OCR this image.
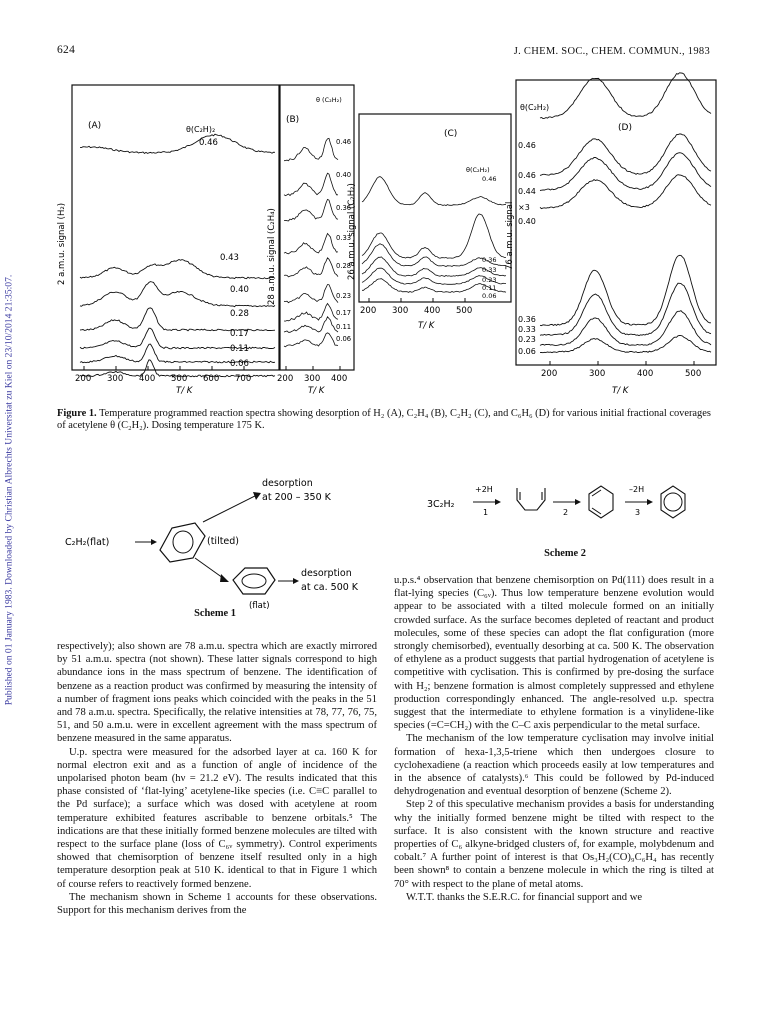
624	J. CHEM. SOC., CHEM. COMMUN., 1983
Published on 01 January 1983. Downloaded by Christian Albrechts Universitat zu Kiel on 23/10/2014 21:35:07.
(A)	θ(C₂H)₂
2 a.m.u. signal (H₂)
0.46
0.43
0.40
0.28
0.17
0.11
0.06
200 300 400 500 600 700
T/ K
(B)
θ (C₂H₂)
28 a.m.u. signal (C₂H₄)
0.46
0.40
0.36
0.33
0.28
0.23
0.17
0.11
0.06
200 300 400
T/ K
(C)
θ(C₂H₂)
26 a.m.u. signal (C₂H₂)
0.46
0.36
0.33
0.23
0.11
0.06
200 300 400 500
T/ K
(D)
θ(C₂H₂)
76 a.m.u. signal
0.46
0.46
0.44
×3
0.40
0.36
0.33
0.23
0.06
200	300	400	500
T/ K
Figure 1. Temperature programmed reaction spectra showing desorption of H₂ (A), C₂H₄ (B), C₂H₂ (C), and C₆H₆ (D) for various initial fractional coverages of acetylene θ (C₂H₂). Dosing temperature 175 K.
C₂H₂(flat)	(tilted)
desorption
at 200 – 350 K
(flat)
desorption
at ca. 500 K
Scheme 1
3C₂H₂
+2H
1	2
–2H
3
Scheme 2

respectively); also shown are 78 a.m.u. spectra which are exactly mirrored by 51 a.m.u. spectra (not shown). These latter signals correspond to high abundance ions in the mass spectrum of benzene. The identification of benzene as a reaction product was confirmed by measuring the intensity of a number of fragment ions peaks which coincided with the peaks in the 51 and 78 a.m.u. spectra. Specifically, the relative intensities at 78, 77, 76, 75, 51, and 50 a.m.u. were in excellent agreement with the mass spectrum of benzene measured in the same apparatus.

U.p. spectra were measured for the adsorbed layer at ca. 160 K for normal electron exit and as a function of angle of incidence of the unpolarised photon beam (hν = 21.2 eV). The results indicated that this phase consisted of ‘flat-lying’ acetylene-like species (i.e. C≡C parallel to the Pd surface); a surface which was dosed with acetylene at room temperature exhibited features ascribable to benzene orbitals.⁵ The indications are that these initially formed benzene molecules are tilted with respect to the surface plane (loss of C₆ᵥ symmetry). Control experiments showed that chemisorption of benzene itself resulted only in a high temperature desorption peak at 510 K. identical to that in Figure 1 which of course refers to reactively formed benzene.

The mechanism shown in Scheme 1 accounts for these observations. Support for this mechanism derives from the

u.p.s.⁴ observation that benzene chemisorption on Pd(111) does result in a flat-lying species (C₆ᵥ). Thus low temperature benzene evolution would appear to be associated with a tilted molecule formed on an initially crowded surface. As the surface becomes depleted of reactant and product molecules, some of these species can adopt the flat configuration (more strongly chemisorbed), eventually desorbing at ca. 500 K. The observation of ethylene as a product suggests that partial hydrogenation of acetylene is competitive with cyclisation. This is confirmed by pre-dosing the surface with H₂; benzene formation is almost completely suppressed and ethylene production correspondingly enhanced. The angle-resolved u.p. spectra suggest that the intermediate to ethylene formation is a vinylidene-like species (=C=CH₂) with the C–C axis perpendicular to the metal surface.

The mechanism of the low temperature cyclisation may involve initial formation of hexa-1,3,5-triene which then undergoes closure to cyclohexadiene (a reaction which proceeds easily at low temperatures and in the absence of catalysts).⁶ This could be followed by Pd-induced dehydrogenation and eventual desorption of benzene (Scheme 2).

Step 2 of this speculative mechanism provides a basis for understanding why the initially formed benzene might be tilted with respect to the surface. It is also consistent with the known structure and reactive properties of C₆ alkyne-bridged clusters of, for example, molybdenum and cobalt.⁷ A further point of interest is that Os₃H₂(CO)₉C₆H₄ has recently been shown⁸ to contain a benzene molecule in which the ring is tilted at 70° with respect to the plane of metal atoms.

W.T.T. thanks the S.E.R.C. for financial support and we
